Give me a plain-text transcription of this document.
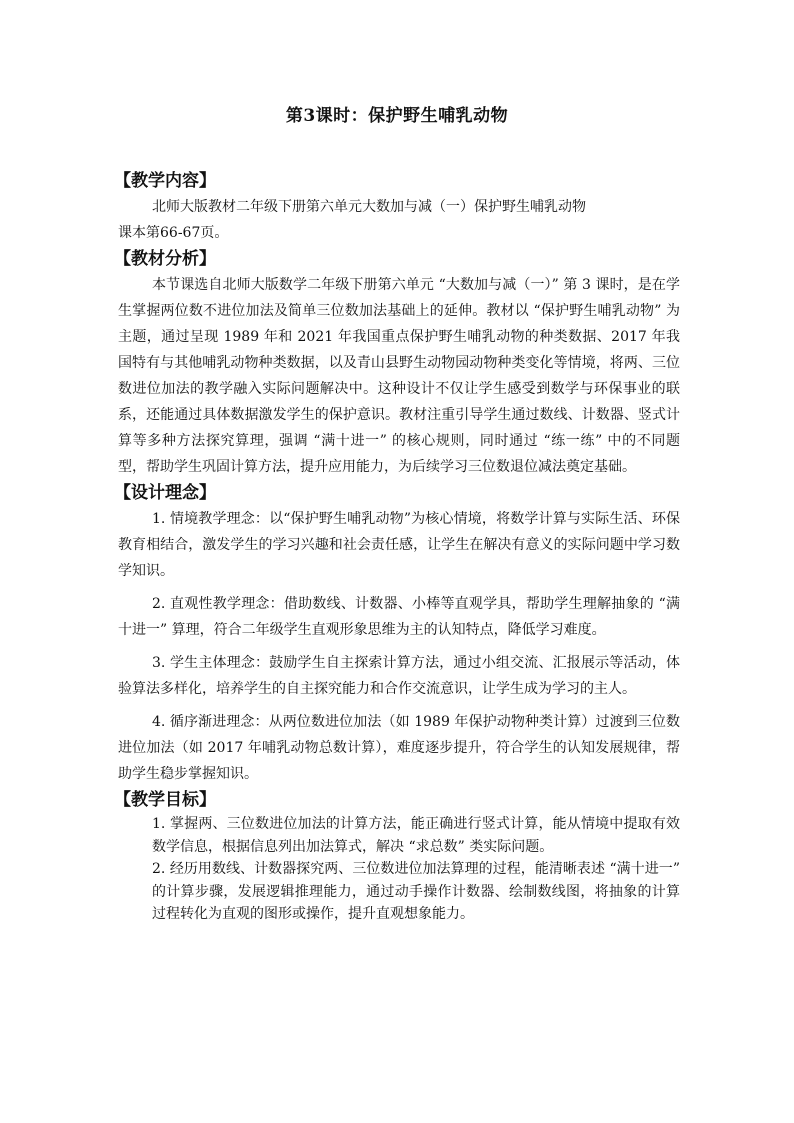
第3课时：保护野生哺乳动物
【教学内容】

北师大版教材二年级下册第六单元大数加与减（一）保护野生哺乳动物

课本第66-67页。

【教材分析】

本节课选自北师大版数学二年级下册第六单元 “大数加与减（一）” 第 3 课时，是在学生掌握两位数不进位加法及简单三位数加法基础上的延伸。教材以 “保护野生哺乳动物” 为主题，通过呈现 1989 年和 2021 年我国重点保护野生哺乳动物的种类数据、2017 年我国特有与其他哺乳动物种类数据，以及青山县野生动物园动物种类变化等情境，将两、三位数进位加法的教学融入实际问题解决中。这种设计不仅让学生感受到数学与环保事业的联系，还能通过具体数据激发学生的保护意识。教材注重引导学生通过数线、计数器、竖式计算等多种方法探究算理，强调 “满十进一” 的核心规则，同时通过 “练一练” 中的不同题型，帮助学生巩固计算方法，提升应用能力，为后续学习三位数退位减法奠定基础。

【设计理念】

1. 情境教学理念：以“保护野生哺乳动物”为核心情境，将数学计算与实际生活、环保教育相结合，激发学生的学习兴趣和社会责任感，让学生在解决有意义的实际问题中学习数学知识。

2. 直观性教学理念：借助数线、计数器、小棒等直观学具，帮助学生理解抽象的 “满十进一” 算理，符合二年级学生直观形象思维为主的认知特点，降低学习难度。

3. 学生主体理念：鼓励学生自主探索计算方法，通过小组交流、汇报展示等活动，体验算法多样化，培养学生的自主探究能力和合作交流意识，让学生成为学习的主人。

4. 循序渐进理念：从两位数进位加法（如 1989 年保护动物种类计算）过渡到三位数进位加法（如 2017 年哺乳动物总数计算），难度逐步提升，符合学生的认知发展规律，帮助学生稳步掌握知识。

【教学目标】

1. 掌握两、三位数进位加法的计算方法，能正确进行竖式计算，能从情境中提取有效数学信息，根据信息列出加法算式，解决 “求总数” 类实际问题。

2. 经历用数线、计数器探究两、三位数进位加法算理的过程，能清晰表述 “满十进一” 的计算步骤，发展逻辑推理能力，通过动手操作计数器、绘制数线图，将抽象的计算过程转化为直观的图形或操作，提升直观想象能力。
